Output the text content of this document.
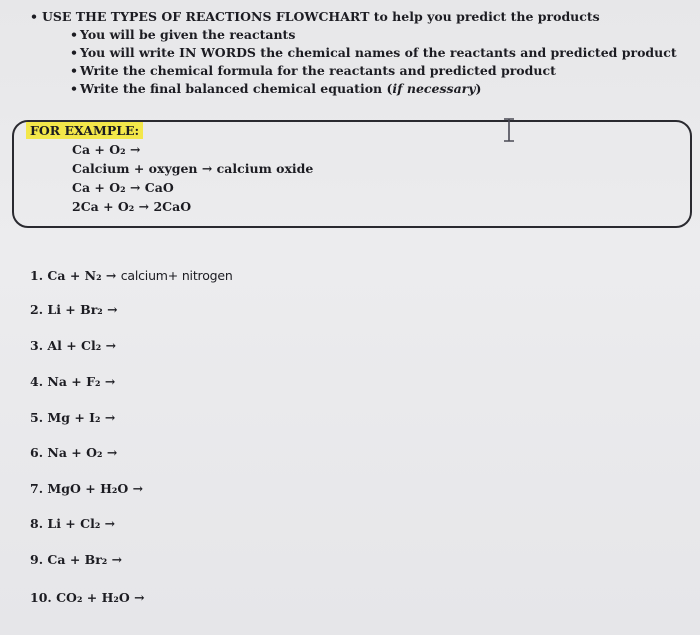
• USE THE TYPES OF REACTIONS FLOWCHART to help you predict the products
• You will be given the reactants
• You will write IN WORDS the chemical names of the reactants and predicted product
• Write the chemical formula for the reactants and predicted product
• Write the final balanced chemical equation (if necessary)
FOR EXAMPLE:
Ca + O₂ →
Calcium + oxygen → calcium oxide
Ca + O₂ → CaO
2Ca + O₂ → 2CaO
1. Ca + N₂ → calcium+ nitrogen
2. Li + Br₂ →
3. Al + Cl₂ →
4. Na + F₂ →
5. Mg + I₂ →
6. Na + O₂ →
7. MgO + H₂O →
8. Li + Cl₂ →
9. Ca + Br₂ →
10. CO₂ + H₂O →
